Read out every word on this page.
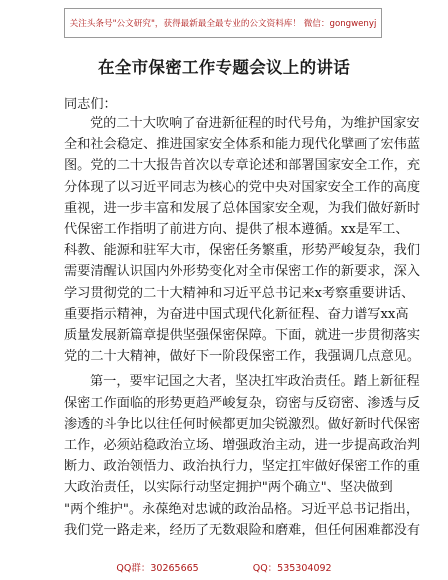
关注头条号"公文研究"，获得最新最全最专业的公文资料库！ 微信：gongwenyj
在全市保密工作专题会议上的讲话
同志们：
党的二十大吹响了奋进新征程的时代号角，为维护国家安
全和社会稳定、推进国家安全体系和能力现代化擘画了宏伟蓝
图。党的二十大报告首次以专章论述和部署国家安全工作，充
分体现了以习近平同志为核心的党中央对国家安全工作的高度
重视，进一步丰富和发展了总体国家安全观，为我们做好新时
代保密工作指明了前进方向、提供了根本遵循。xx是军工、
科教、能源和驻军大市，保密任务繁重，形势严峻复杂，我们
需要清醒认识国内外形势变化对全市保密工作的新要求，深入
学习贯彻党的二十大精神和习近平总书记来x考察重要讲话、
重要指示精神，为奋进中国式现代化新征程、奋力谱写xx高
质量发展新篇章提供坚强保密保障。下面，就进一步贯彻落实
党的二十大精神，做好下一阶段保密工作，我强调几点意见。
第一，要牢记国之大者，坚决扛牢政治责任。踏上新征程
保密工作面临的形势更趋严峻复杂，窃密与反窃密、渗透与反
渗透的斗争比以往任何时候都更加尖锐激烈。做好新时代保密
工作，必须站稳政治立场、增强政治主动，进一步提高政治判
断力、政治领悟力、政治执行力，坚定扛牢做好保密工作的重
大政治责任，以实际行动坚定拥护"两个确立"、坚决做到
"两个维护"。永葆绝对忠诚的政治品格。习近平总书记指出，
我们党一路走来，经历了无数艰险和磨难，但任何困难都没有
QQ群：30265665	QQ：535304092
